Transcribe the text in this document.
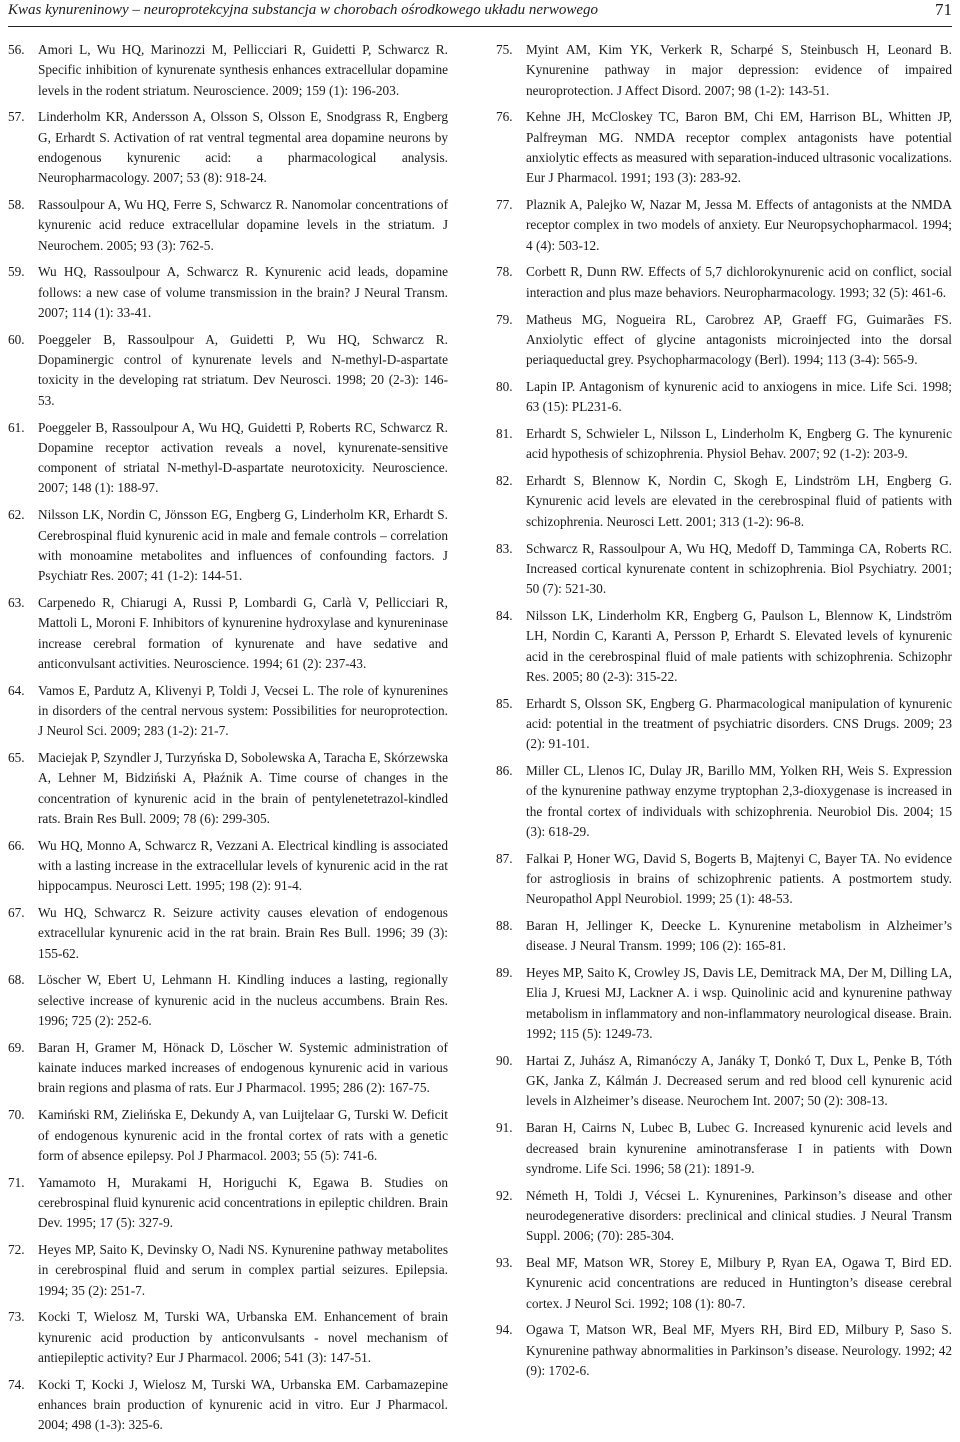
Kwas kynureninowy – neuroprotekcyjna substancja w chorobach ośrodkowego układu nerwowego	71
56. Amori L, Wu HQ, Marinozzi M, Pellicciari R, Guidetti P, Schwarcz R. Specific inhibition of kynurenate synthesis enhances extracellular dopamine levels in the rodent striatum. Neuroscience. 2009; 159 (1): 196-203.
57. Linderholm KR, Andersson A, Olsson S, Olsson E, Snodgrass R, Engberg G, Erhardt S. Activation of rat ventral tegmental area dopamine neurons by endogenous kynurenic acid: a pharmacological analysis. Neuropharmacology. 2007; 53 (8): 918-24.
58. Rassoulpour A, Wu HQ, Ferre S, Schwarcz R. Nanomolar concentrations of kynurenic acid reduce extracellular dopamine levels in the striatum. J Neurochem. 2005; 93 (3): 762-5.
59. Wu HQ, Rassoulpour A, Schwarcz R. Kynurenic acid leads, dopamine follows: a new case of volume transmission in the brain? J Neural Transm. 2007; 114 (1): 33-41.
60. Poeggeler B, Rassoulpour A, Guidetti P, Wu HQ, Schwarcz R. Dopaminergic control of kynurenate levels and N-methyl-D-aspartate toxicity in the developing rat striatum. Dev Neurosci. 1998; 20 (2-3): 146-53.
61. Poeggeler B, Rassoulpour A, Wu HQ, Guidetti P, Roberts RC, Schwarcz R. Dopamine receptor activation reveals a novel, kynurenate-sensitive component of striatal N-methyl-D-aspartate neurotoxicity. Neuroscience. 2007; 148 (1): 188-97.
62. Nilsson LK, Nordin C, Jönsson EG, Engberg G, Linderholm KR, Erhardt S. Cerebrospinal fluid kynurenic acid in male and female controls – correlation with monoamine metabolites and influences of confounding factors. J Psychiatr Res. 2007; 41 (1-2): 144-51.
63. Carpenedo R, Chiarugi A, Russi P, Lombardi G, Carlà V, Pellicciari R, Mattoli L, Moroni F. Inhibitors of kynurenine hydroxylase and kynureninase increase cerebral formation of kynurenate and have sedative and anticonvulsant activities. Neuroscience. 1994; 61 (2): 237-43.
64. Vamos E, Pardutz A, Klivenyi P, Toldi J, Vecsei L. The role of kynurenines in disorders of the central nervous system: Possibilities for neuroprotection. J Neurol Sci. 2009; 283 (1-2): 21-7.
65. Maciejak P, Szyndler J, Turzyńska D, Sobolewska A, Taracha E, Skórzewska A, Lehner M, Bidziński A, Płaźnik A. Time course of changes in the concentration of kynurenic acid in the brain of pentylenetetrazol-kindled rats. Brain Res Bull. 2009; 78 (6): 299-305.
66. Wu HQ, Monno A, Schwarcz R, Vezzani A. Electrical kindling is associated with a lasting increase in the extracellular levels of kynurenic acid in the rat hippocampus. Neurosci Lett. 1995; 198 (2): 91-4.
67. Wu HQ, Schwarcz R. Seizure activity causes elevation of endogenous extracellular kynurenic acid in the rat brain. Brain Res Bull. 1996; 39 (3): 155-62.
68. Löscher W, Ebert U, Lehmann H. Kindling induces a lasting, regionally selective increase of kynurenic acid in the nucleus accumbens. Brain Res. 1996; 725 (2): 252-6.
69. Baran H, Gramer M, Hönack D, Löscher W. Systemic administration of kainate induces marked increases of endogenous kynurenic acid in various brain regions and plasma of rats. Eur J Pharmacol. 1995; 286 (2): 167-75.
70. Kamiński RM, Zielińska E, Dekundy A, van Luijtelaar G, Turski W. Deficit of endogenous kynurenic acid in the frontal cortex of rats with a genetic form of absence epilepsy. Pol J Pharmacol. 2003; 55 (5): 741-6.
71. Yamamoto H, Murakami H, Horiguchi K, Egawa B. Studies on cerebrospinal fluid kynurenic acid concentrations in epileptic children. Brain Dev. 1995; 17 (5): 327-9.
72. Heyes MP, Saito K, Devinsky O, Nadi NS. Kynurenine pathway metabolites in cerebrospinal fluid and serum in complex partial seizures. Epilepsia. 1994; 35 (2): 251-7.
73. Kocki T, Wielosz M, Turski WA, Urbanska EM. Enhancement of brain kynurenic acid production by anticonvulsants - novel mechanism of antiepileptic activity? Eur J Pharmacol. 2006; 541 (3): 147-51.
74. Kocki T, Kocki J, Wielosz M, Turski WA, Urbanska EM. Carbamazepine enhances brain production of kynurenic acid in vitro. Eur J Pharmacol. 2004; 498 (1-3): 325-6.
75. Myint AM, Kim YK, Verkerk R, Scharpé S, Steinbusch H, Leonard B. Kynurenine pathway in major depression: evidence of impaired neuroprotection. J Affect Disord. 2007; 98 (1-2): 143-51.
76. Kehne JH, McCloskey TC, Baron BM, Chi EM, Harrison BL, Whitten JP, Palfreyman MG. NMDA receptor complex antagonists have potential anxiolytic effects as measured with separation-induced ultrasonic vocalizations. Eur J Pharmacol. 1991; 193 (3): 283-92.
77. Plaznik A, Palejko W, Nazar M, Jessa M. Effects of antagonists at the NMDA receptor complex in two models of anxiety. Eur Neuropsychopharmacol. 1994; 4 (4): 503-12.
78. Corbett R, Dunn RW. Effects of 5,7 dichlorokynurenic acid on conflict, social interaction and plus maze behaviors. Neuropharmacology. 1993; 32 (5): 461-6.
79. Matheus MG, Nogueira RL, Carobrez AP, Graeff FG, Guimarães FS. Anxiolytic effect of glycine antagonists microinjected into the dorsal periaqueductal grey. Psychopharmacology (Berl). 1994; 113 (3-4): 565-9.
80. Lapin IP. Antagonism of kynurenic acid to anxiogens in mice. Life Sci. 1998; 63 (15): PL231-6.
81. Erhardt S, Schwieler L, Nilsson L, Linderholm K, Engberg G. The kynurenic acid hypothesis of schizophrenia. Physiol Behav. 2007; 92 (1-2): 203-9.
82. Erhardt S, Blennow K, Nordin C, Skogh E, Lindström LH, Engberg G. Kynurenic acid levels are elevated in the cerebrospinal fluid of patients with schizophrenia. Neurosci Lett. 2001; 313 (1-2): 96-8.
83. Schwarcz R, Rassoulpour A, Wu HQ, Medoff D, Tamminga CA, Roberts RC. Increased cortical kynurenate content in schizophrenia. Biol Psychiatry. 2001; 50 (7): 521-30.
84. Nilsson LK, Linderholm KR, Engberg G, Paulson L, Blennow K, Lindström LH, Nordin C, Karanti A, Persson P, Erhardt S. Elevated levels of kynurenic acid in the cerebrospinal fluid of male patients with schizophrenia. Schizophr Res. 2005; 80 (2-3): 315-22.
85. Erhardt S, Olsson SK, Engberg G. Pharmacological manipulation of kynurenic acid: potential in the treatment of psychiatric disorders. CNS Drugs. 2009; 23 (2): 91-101.
86. Miller CL, Llenos IC, Dulay JR, Barillo MM, Yolken RH, Weis S. Expression of the kynurenine pathway enzyme tryptophan 2,3-dioxygenase is increased in the frontal cortex of individuals with schizophrenia. Neurobiol Dis. 2004; 15 (3): 618-29.
87. Falkai P, Honer WG, David S, Bogerts B, Majtenyi C, Bayer TA. No evidence for astrogliosis in brains of schizophrenic patients. A postmortem study. Neuropathol Appl Neurobiol. 1999; 25 (1): 48-53.
88. Baran H, Jellinger K, Deecke L. Kynurenine metabolism in Alzheimer’s disease. J Neural Transm. 1999; 106 (2): 165-81.
89. Heyes MP, Saito K, Crowley JS, Davis LE, Demitrack MA, Der M, Dilling LA, Elia J, Kruesi MJ, Lackner A. i wsp. Quinolinic acid and kynurenine pathway metabolism in inflammatory and non-inflammatory neurological disease. Brain. 1992; 115 (5): 1249-73.
90. Hartai Z, Juhász A, Rimanóczy A, Janáky T, Donkó T, Dux L, Penke B, Tóth GK, Janka Z, Kálmán J. Decreased serum and red blood cell kynurenic acid levels in Alzheimer’s disease. Neurochem Int. 2007; 50 (2): 308-13.
91. Baran H, Cairns N, Lubec B, Lubec G. Increased kynurenic acid levels and decreased brain kynurenine aminotransferase I in patients with Down syndrome. Life Sci. 1996; 58 (21): 1891-9.
92. Németh H, Toldi J, Vécsei L. Kynurenines, Parkinson’s disease and other neurodegenerative disorders: preclinical and clinical studies. J Neural Transm Suppl. 2006; (70): 285-304.
93. Beal MF, Matson WR, Storey E, Milbury P, Ryan EA, Ogawa T, Bird ED. Kynurenic acid concentrations are reduced in Huntington’s disease cerebral cortex. J Neurol Sci. 1992; 108 (1): 80-7.
94. Ogawa T, Matson WR, Beal MF, Myers RH, Bird ED, Milbury P, Saso S. Kynurenine pathway abnormalities in Parkinson’s disease. Neurology. 1992; 42 (9): 1702-6.
